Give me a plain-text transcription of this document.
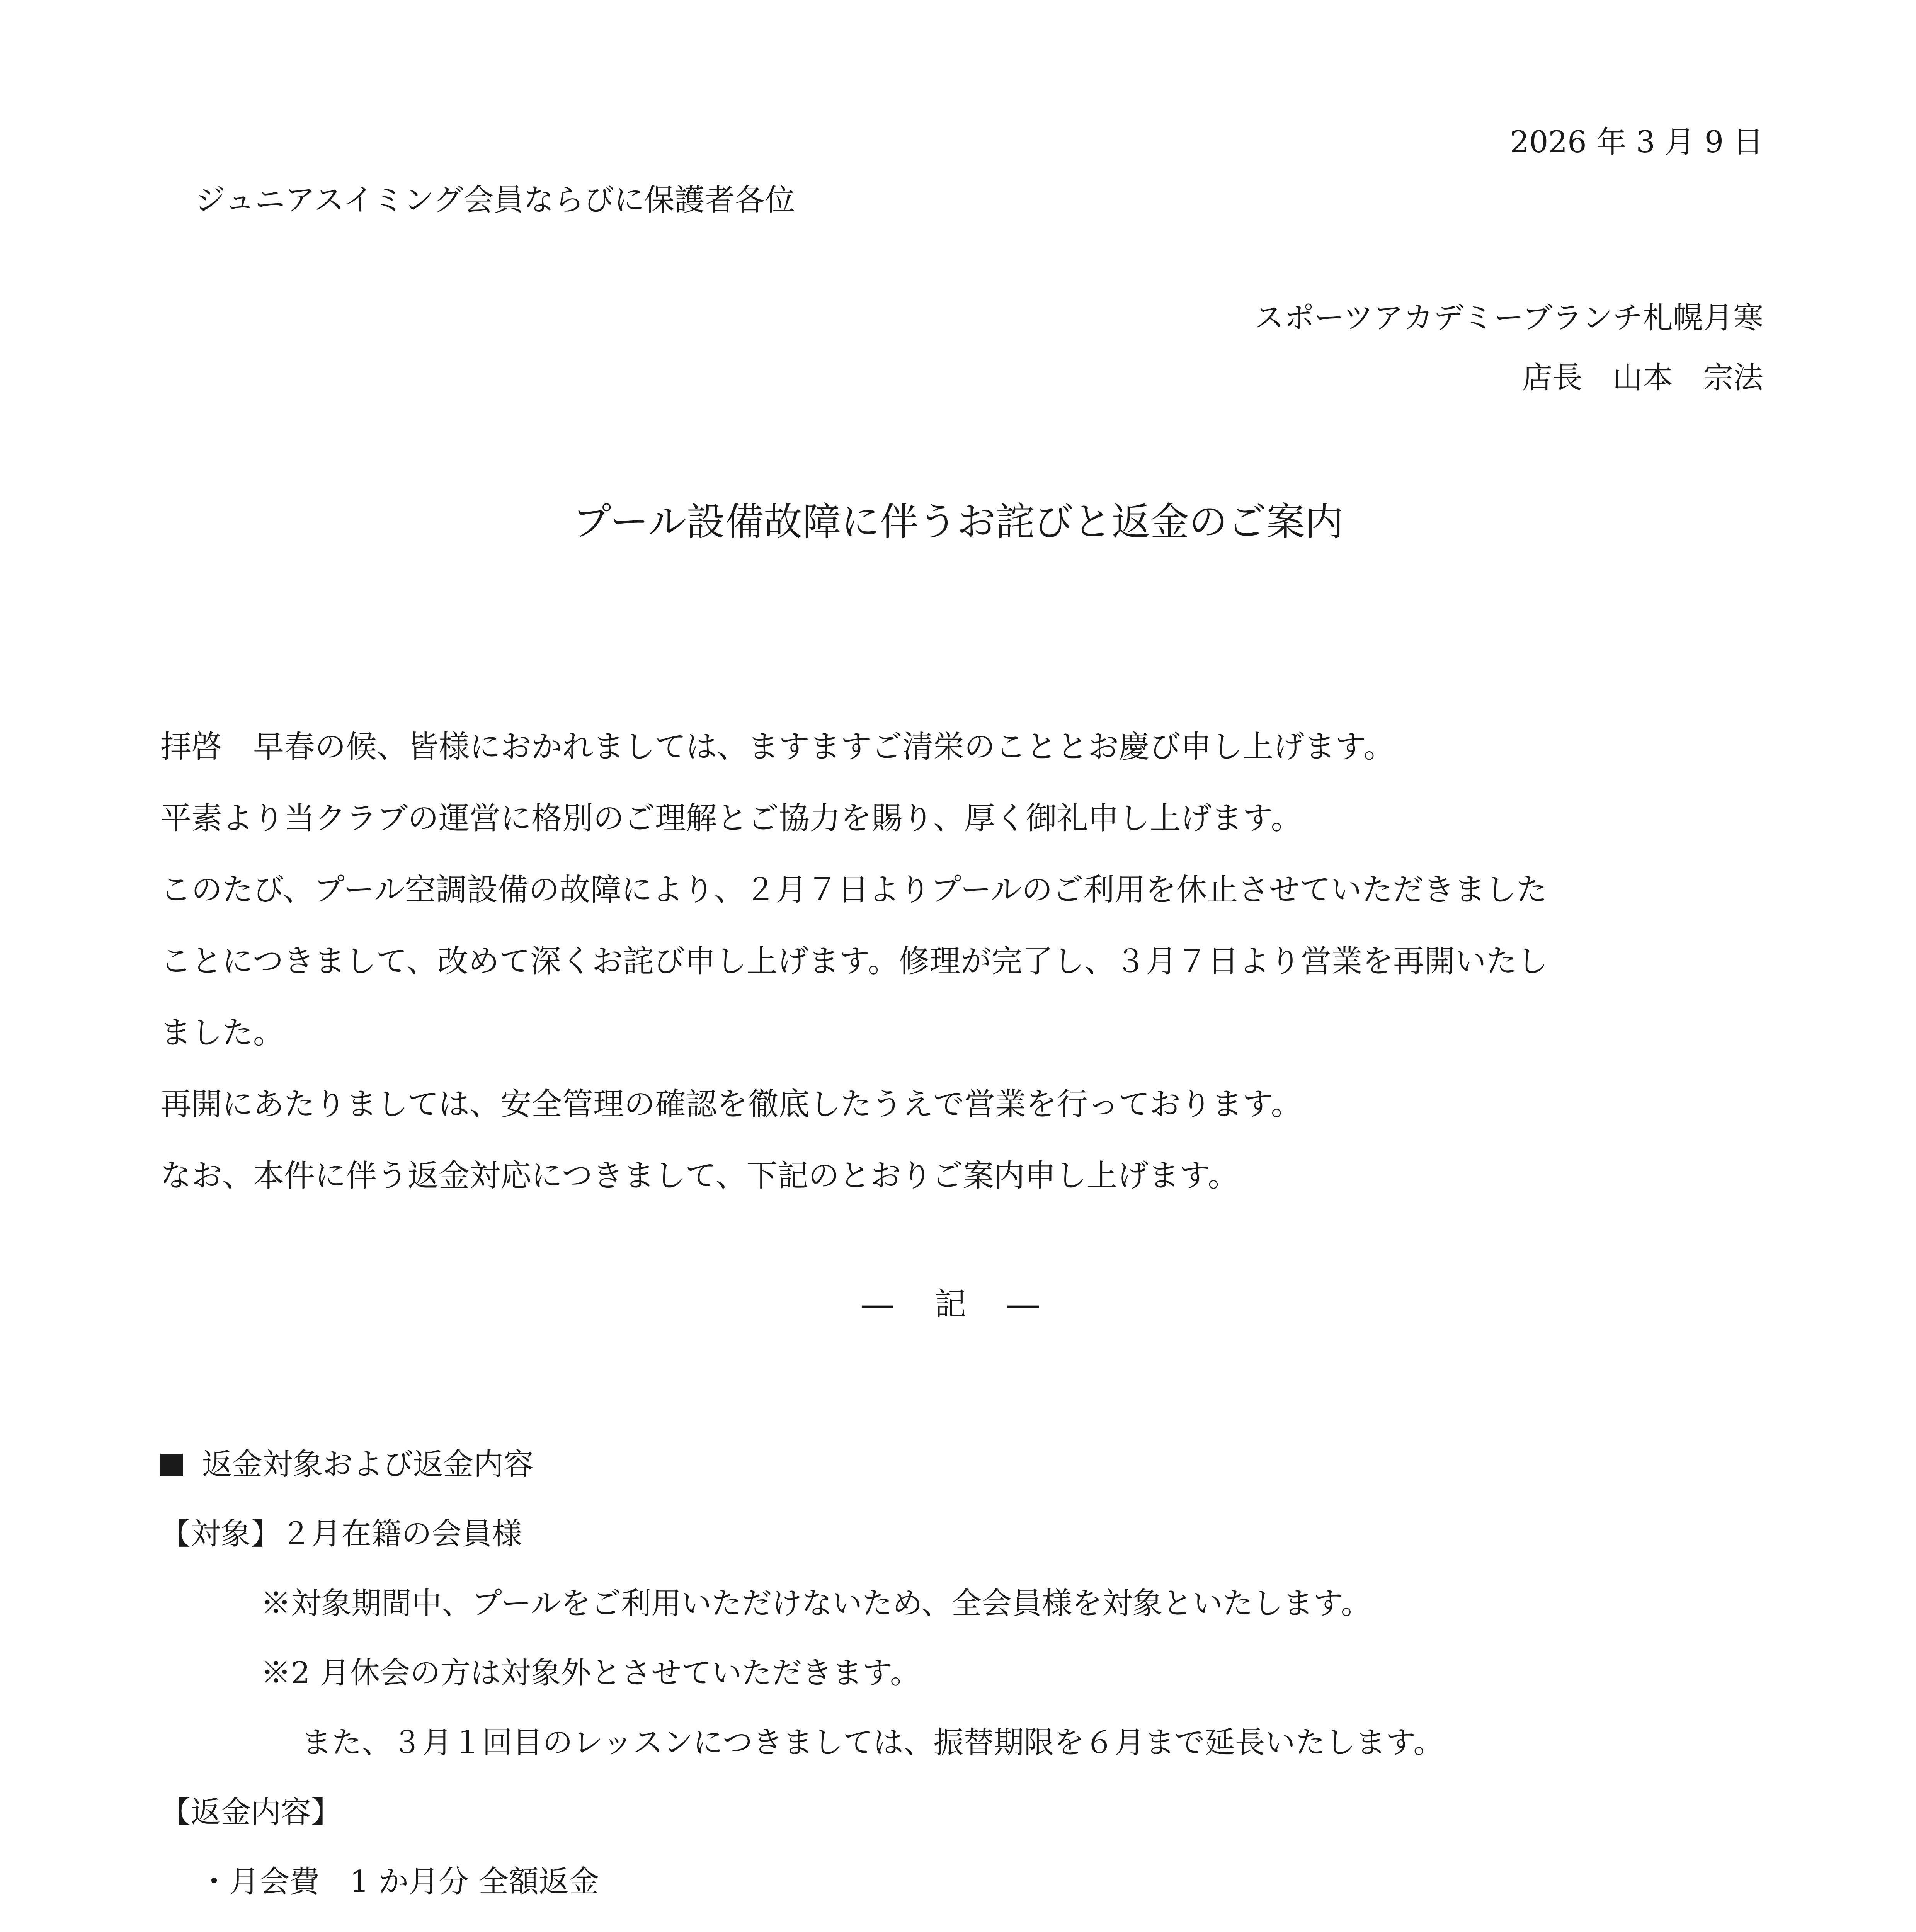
2026 年 3 月 9 日
ジュニアスイミング会員ならびに保護者各位
スポーツアカデミーブランチ札幌月寒
店長　山本　宗法
プール設備故障に伴うお詫びと返金のご案内

拝啓　早春の候、皆様におかれましては、ますますご清栄のこととお慶び申し上げます。

平素より当クラブの運営に格別のご理解とご協力を賜り、厚く御礼申し上げます。

このたび、プール空調設備の故障により、２月７日よりプールのご利用を休止させていただきました

ことにつきまして、改めて深くお詫び申し上げます。修理が完了し、３月７日より営業を再開いたし

ました。

再開にあたりましては、安全管理の確認を徹底したうえで営業を行っております。

なお、本件に伴う返金対応につきまして、下記のとおりご案内申し上げます。

― 記 ―
返金対象および返金内容
【対象】２月在籍の会員様
※対象期間中、プールをご利用いただけないため、全会員様を対象といたします。
※2 月休会の方は対象外とさせていただきます。
また、３月１回目のレッスンにつきましては、振替期限を６月まで延長いたします。
【返金内容】
・月会費　1 か月分 全額返金
